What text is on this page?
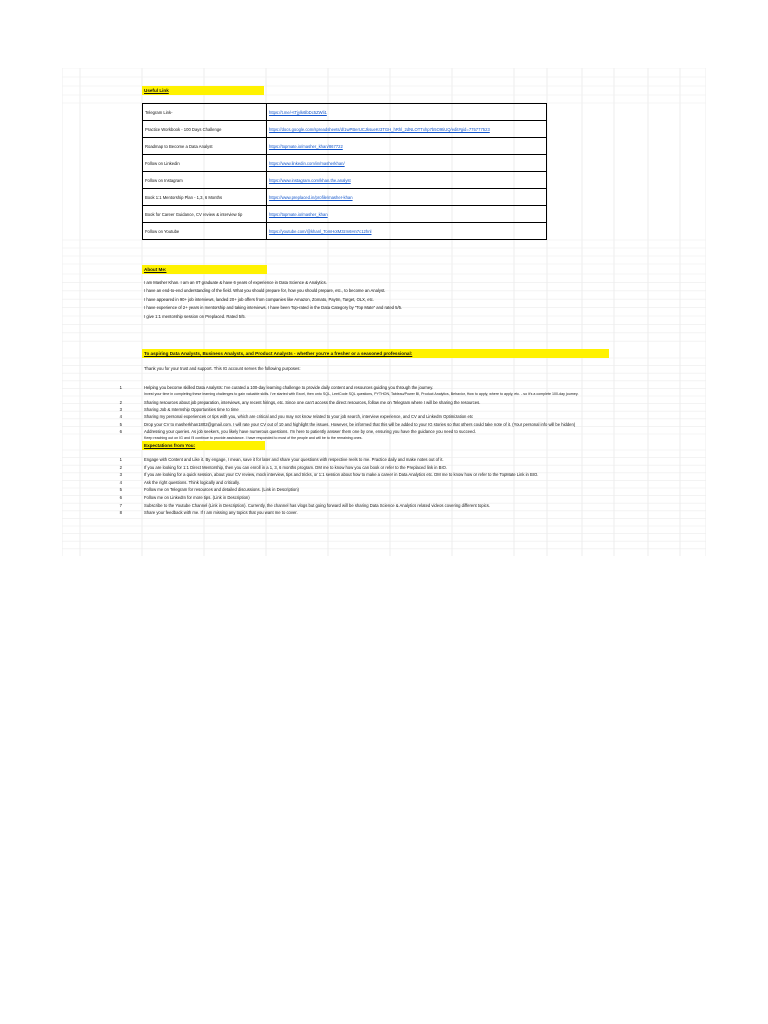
Useful Link
Telegram Link-	https://t.me/+tTjylk6lbDc5ZWli1
Practice Workbook - 100 Days Challenge	https://docs.google.com/spreadsheets/d/1wPBerUCJksueKr3TGH_hRhl_2dNLOTTxhp7b5O9tiUQ/edit#gid=775777523
Roadmap to Become a Data Analyst	https://topmate.io/masher_khan/867722
Follow on Linkedin	https://www.linkedin.com/in/masherkhan/
Follow on Instagram	https://www.instagram.com/khan.the.analyst
Book 1:1 Mentorship Plan - 1,3, 6 Months	https://www.preplaced.in/profile/masher-khan
Book for Career Guidance, CV review & interview tip	https://topmate.io/masher_khan
Follow on Youtube	https://youtube.com/@khanl_TomHotM3zm6Hn7c12hnl
About Me:
I am Masher Khan. I am an IIT graduate & have 6 years of experience in Data Science & Analytics.
I have an end-to-end understanding of the field. What you should prepare for, how you should prepare, etc., to become an Analyst.
I have appeared in 90+ job interviews, landed 20+ job offers from companies like Amazon, Zomato, Paytm, Target, OLX, etc.
I have experience of 2+ years in mentorship and taking interviews. I have been Top-rated in the Data Category by "Top Mate" and rated 5/5.
I give 1:1 mentorship session on Preplaced. Rated 5/5.
To aspiring Data Analysts, Business Analysts, and Product Analysts - whether you're a fresher or a seasoned professional:
Thank you for your trust and support. This IG account serves the following purposes:
1	Helping you become skilled Data Analysts: I've curated a 100-day learning challenge to provide daily content and resources guiding you through the journey.
Invest your time in completing these learning challenges to gain valuable skills. I've started with Excel, then onto SQL, LeetCode SQL questions, PYTHON, Tableau/Power BI, Product Analytics, Behavior, How to apply, where to apply, etc. - so it's a complete 100-day journey.
2	Sharing resources about job preparation, interviews, any recent hirings, etc. Since one can't access the direct resources, follow me on Telegram where I will be sharing the resources.
3	Sharing Job & Internship Opportunities time to time
4	Sharing my personal experiences or tips with you, which are critical and you may not know related to your job search, interview experience, and CV and LinkedIn Optimization etc
5	Drop your CV to masherkhan1802@gmail.com. I will rate your CV out of 10 and highlight the issues. However, be informed that this will be added to your IG stories so that others could take note of it. (Your personal info will be hidden)
6	Addressing your queries. As job seekers, you likely have numerous questions. I'm here to patiently answer them one by one, ensuring you have the guidance you need to succeed.
Keep reaching out on IG and I'll continue to provide assistance. I have responded to most of the people and will be to the remaining ones.
Expectations from You:
1	Engage with Content and Like it. By engage, I mean, save it for later and share your questions with respective reels to me. Practice daily and make notes out of it.
2	If you are looking for 1:1 Direct Mentorship, then you can enroll in a 1, 3, 6 months program. DM me to know how you can book or refer to the Preplaced link in BIO.
3	If you are looking for a quick session, about your CV review, mock interview, tips and tricks, or 1:1 session about how to make a career in Data Analytics etc. DM me to know how or refer to the TopMate Link in BIO.
4	Ask the right questions. Think logically and critically.
5	Follow me on Telegram for resources and detailed discussions. (Link in Description)
6	Follow me on LinkedIn for more tips. (Link in Description)
7	Subscribe to the Youtube Channel (Link in Description). Currently, the channel has vlogs but going forward will be sharing Data Science & Analytics related videos covering different topics.
8	Share your feedback with me. If I am missing any topics that you want me to cover.
